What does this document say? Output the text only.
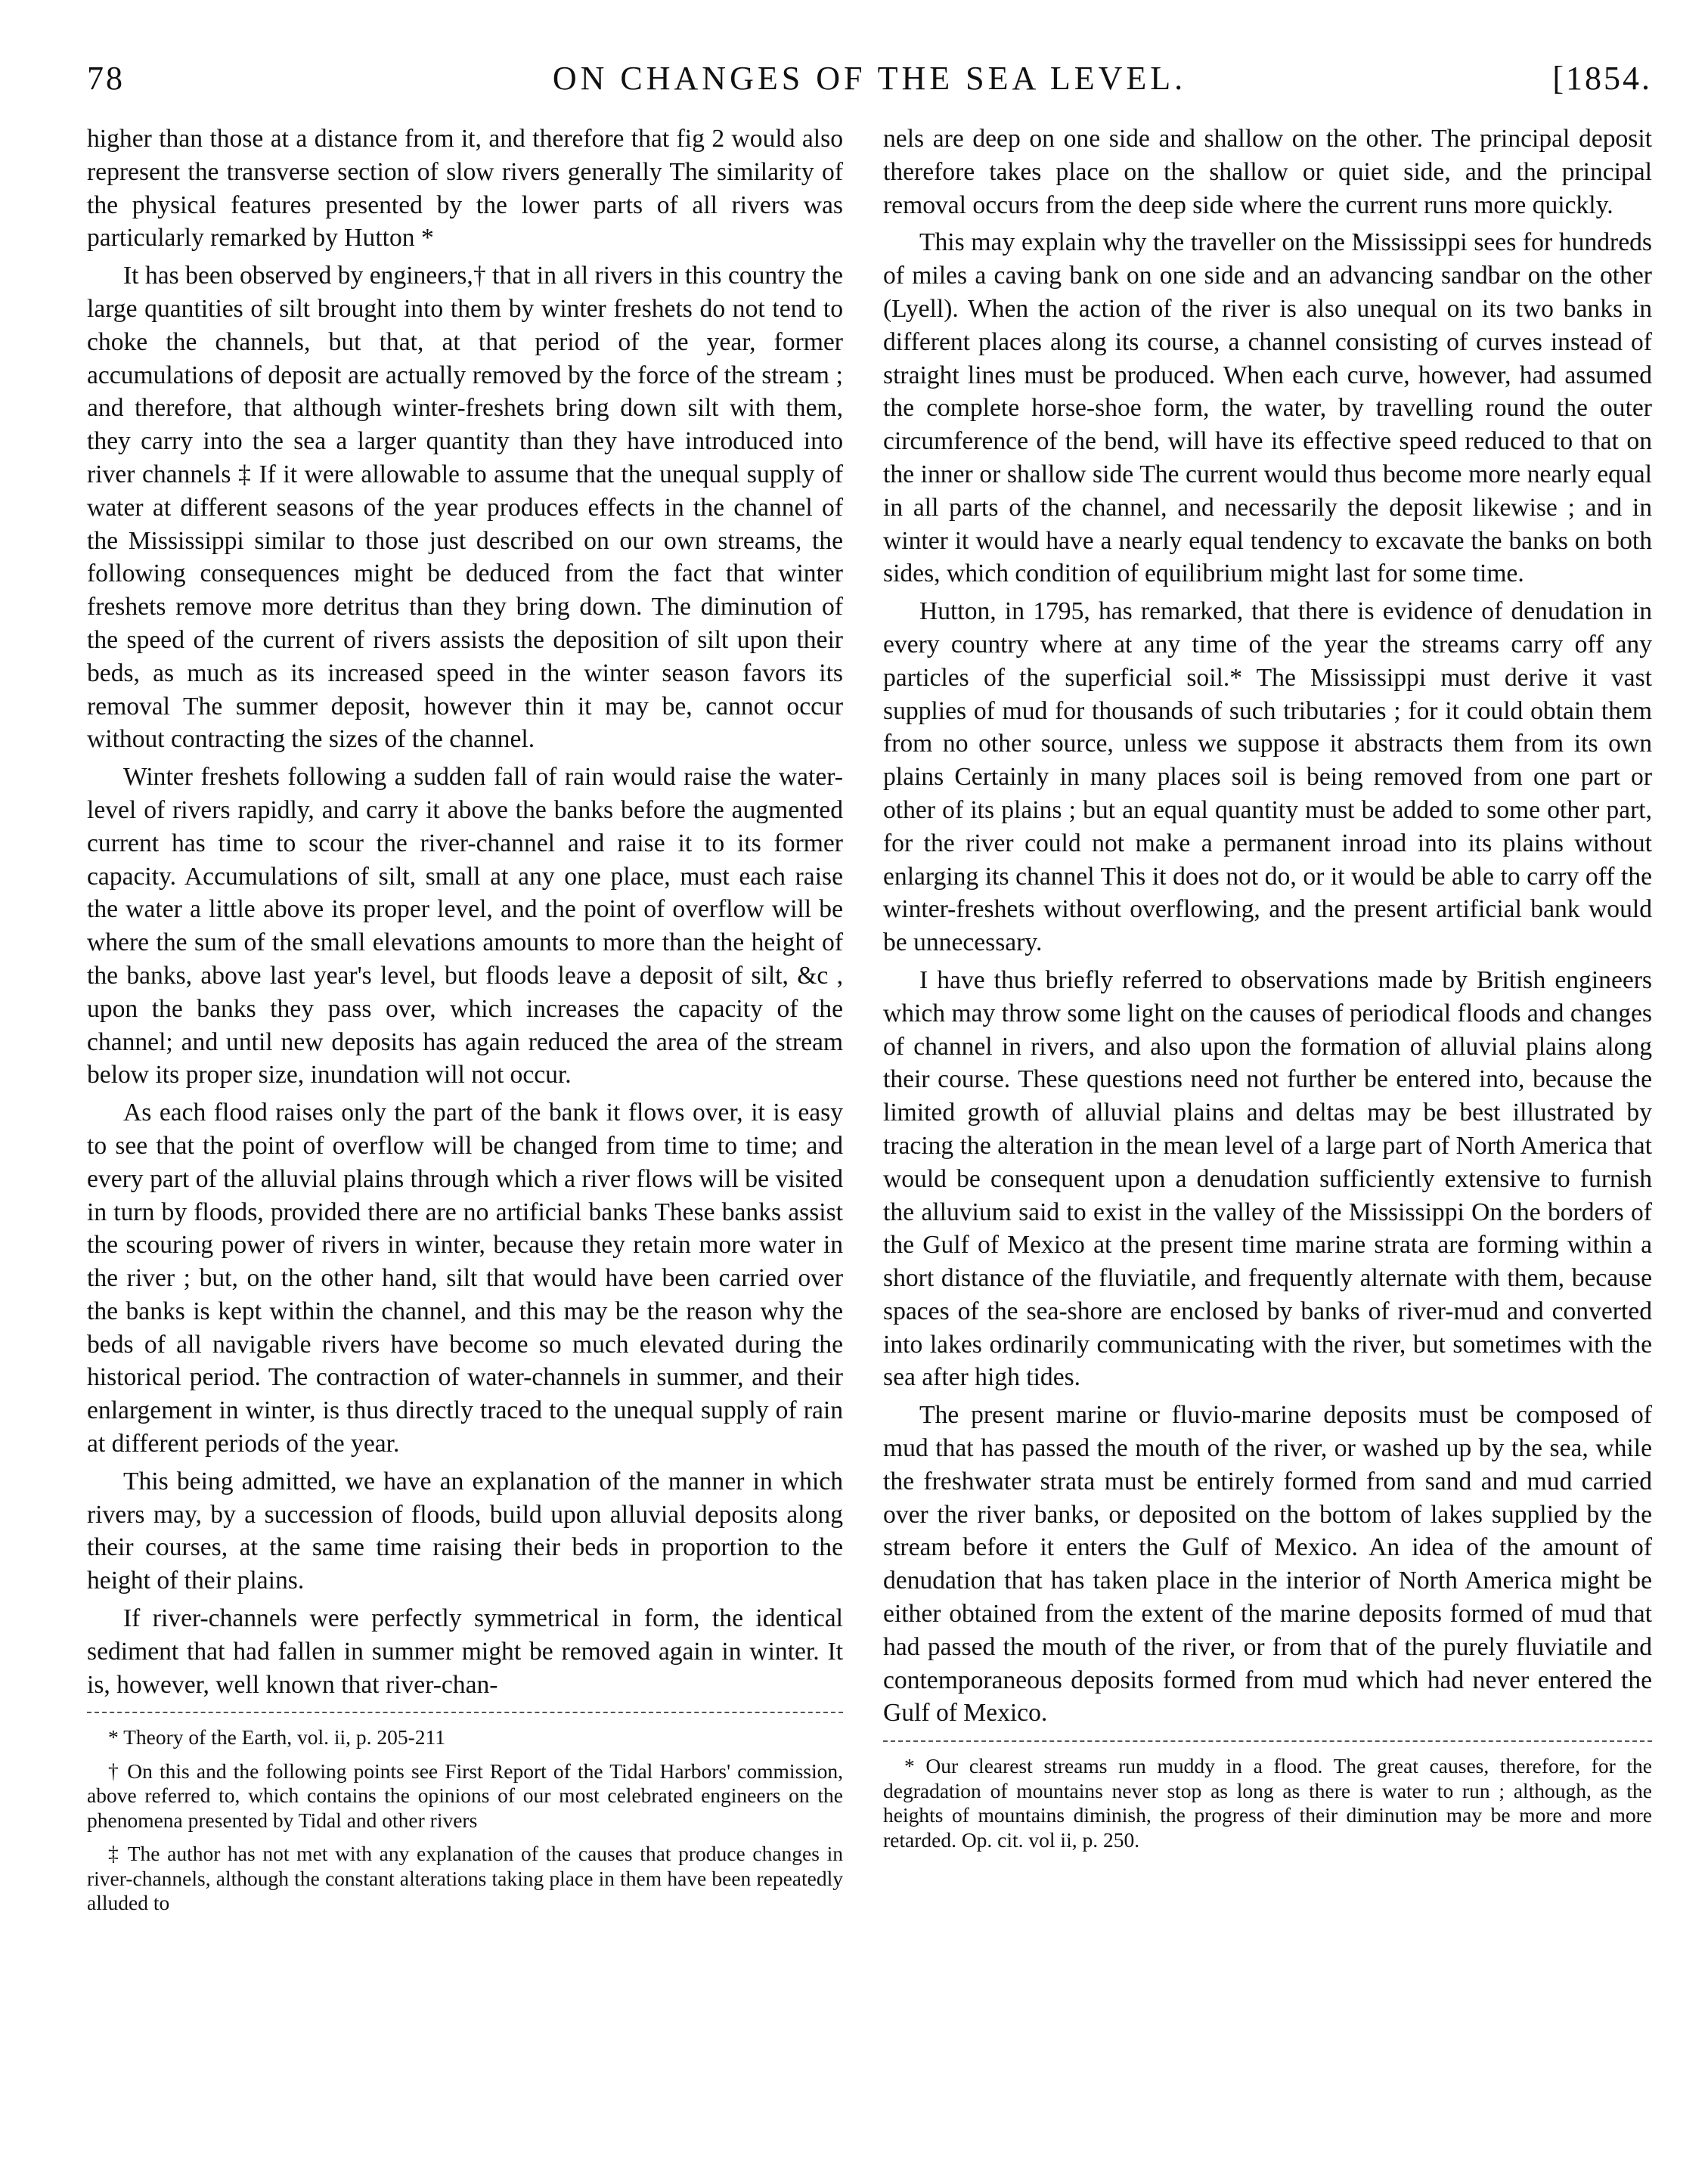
78	ON CHANGES OF THE SEA LEVEL.	[1854.

higher than those at a distance from it, and therefore that fig 2 would also represent the transverse section of slow rivers generally The similarity of the physical features presented by the lower parts of all rivers was particularly remarked by Hutton *

It has been observed by engineers,† that in all rivers in this country the large quantities of silt brought into them by winter freshets do not tend to choke the channels, but that, at that period of the year, former accumulations of deposit are actually removed by the force of the stream ; and therefore, that although winter-freshets bring down silt with them, they carry into the sea a larger quantity than they have introduced into river channels ‡ If it were allowable to assume that the unequal supply of water at different seasons of the year produces effects in the channel of the Mississippi similar to those just described on our own streams, the following consequences might be deduced from the fact that winter freshets remove more detritus than they bring down. The diminution of the speed of the current of rivers assists the deposition of silt upon their beds, as much as its increased speed in the winter season favors its removal The summer deposit, however thin it may be, cannot occur without contracting the sizes of the channel.

Winter freshets following a sudden fall of rain would raise the water-level of rivers rapidly, and carry it above the banks before the augmented current has time to scour the river-channel and raise it to its former capacity. Accumulations of silt, small at any one place, must each raise the water a little above its proper level, and the point of overflow will be where the sum of the small elevations amounts to more than the height of the banks, above last year's level, but floods leave a deposit of silt, &c , upon the banks they pass over, which increases the capacity of the channel; and until new deposits has again reduced the area of the stream below its proper size, inundation will not occur.

As each flood raises only the part of the bank it flows over, it is easy to see that the point of overflow will be changed from time to time; and every part of the alluvial plains through which a river flows will be visited in turn by floods, provided there are no artificial banks These banks assist the scouring power of rivers in winter, because they retain more water in the river ; but, on the other hand, silt that would have been carried over the banks is kept within the channel, and this may be the reason why the beds of all navigable rivers have become so much elevated during the historical period. The contraction of water-channels in summer, and their enlargement in winter, is thus directly traced to the unequal supply of rain at different periods of the year.

This being admitted, we have an explanation of the manner in which rivers may, by a succession of floods, build upon alluvial deposits along their courses, at the same time raising their beds in proportion to the height of their plains.

If river-channels were perfectly symmetrical in form, the identical sediment that had fallen in summer might be removed again in winter. It is, however, well known that river-chan-

* Theory of the Earth, vol. ii, p. 205-211

† On this and the following points see First Report of the Tidal Harbors' commission, above referred to, which contains the opinions of our most celebrated engineers on the phenomena presented by Tidal and other rivers

‡ The author has not met with any explanation of the causes that produce changes in river-channels, although the constant alterations taking place in them have been repeatedly alluded to

nels are deep on one side and shallow on the other. The principal deposit therefore takes place on the shallow or quiet side, and the principal removal occurs from the deep side where the current runs more quickly.

This may explain why the traveller on the Mississippi sees for hundreds of miles a caving bank on one side and an advancing sandbar on the other (Lyell). When the action of the river is also unequal on its two banks in different places along its course, a channel consisting of curves instead of straight lines must be produced. When each curve, however, had assumed the complete horse-shoe form, the water, by travelling round the outer circumference of the bend, will have its effective speed reduced to that on the inner or shallow side The current would thus become more nearly equal in all parts of the channel, and necessarily the deposit likewise ; and in winter it would have a nearly equal tendency to excavate the banks on both sides, which condition of equilibrium might last for some time.

Hutton, in 1795, has remarked, that there is evidence of denudation in every country where at any time of the year the streams carry off any particles of the superficial soil.* The Mississippi must derive it vast supplies of mud for thousands of such tributaries ; for it could obtain them from no other source, unless we suppose it abstracts them from its own plains Certainly in many places soil is being removed from one part or other of its plains ; but an equal quantity must be added to some other part, for the river could not make a permanent inroad into its plains without enlarging its channel This it does not do, or it would be able to carry off the winter-freshets without overflowing, and the present artificial bank would be unnecessary.

I have thus briefly referred to observations made by British engineers which may throw some light on the causes of periodical floods and changes of channel in rivers, and also upon the formation of alluvial plains along their course. These questions need not further be entered into, because the limited growth of alluvial plains and deltas may be best illustrated by tracing the alteration in the mean level of a large part of North America that would be consequent upon a denudation sufficiently extensive to furnish the alluvium said to exist in the valley of the Mississippi On the borders of the Gulf of Mexico at the present time marine strata are forming within a short distance of the fluviatile, and frequently alternate with them, because spaces of the sea-shore are enclosed by banks of river-mud and converted into lakes ordinarily communicating with the river, but sometimes with the sea after high tides.

The present marine or fluvio-marine deposits must be composed of mud that has passed the mouth of the river, or washed up by the sea, while the freshwater strata must be entirely formed from sand and mud carried over the river banks, or deposited on the bottom of lakes supplied by the stream before it enters the Gulf of Mexico. An idea of the amount of denudation that has taken place in the interior of North America might be either obtained from the extent of the marine deposits formed of mud that had passed the mouth of the river, or from that of the purely fluviatile and contemporaneous deposits formed from mud which had never entered the Gulf of Mexico.

* Our clearest streams run muddy in a flood. The great causes, therefore, for the degradation of mountains never stop as long as there is water to run ; although, as the heights of mountains diminish, the progress of their diminution may be more and more retarded. Op. cit. vol ii, p. 250.
